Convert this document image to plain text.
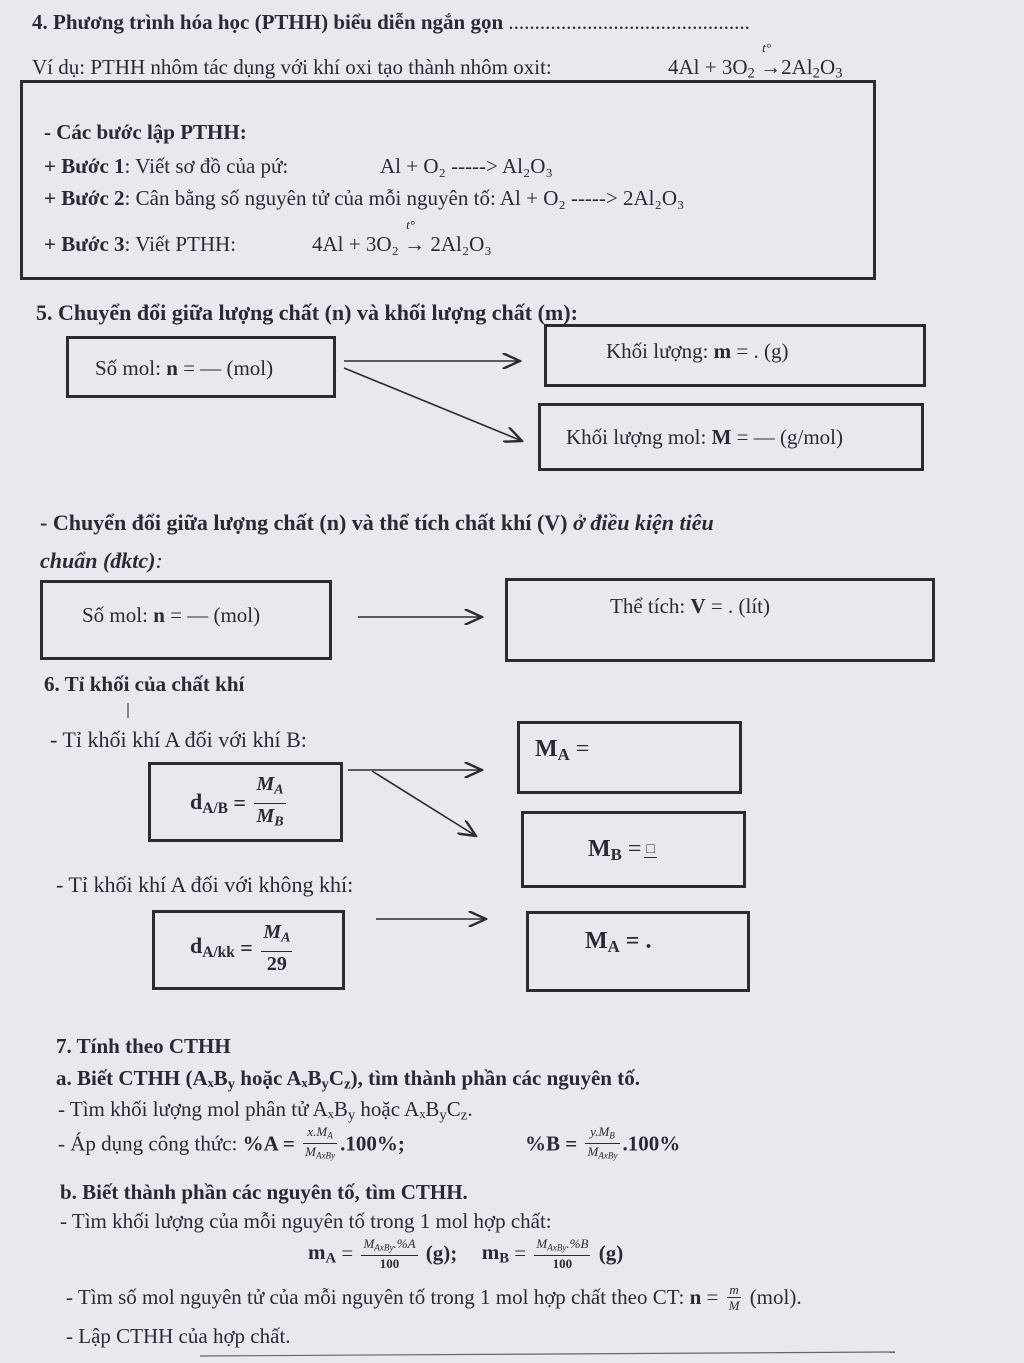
4. Phương trình hóa học (PTHH) biểu diễn ngắn gọn ..............................................
Ví dụ: PTHH nhôm tác dụng với khí oxi tạo thành nhôm oxit:	$4Al + 3O_2$
t°
$\to 2Al_2O_3$
- Các bước lập PTHH:
+ Bước 1: Viết sơ đồ của pứ:	Al + O₂ -----> Al₂O₃
+ Bước 2: Cân bằng số nguyên tử của mỗi nguyên tố: Al + O₂ -----> 2Al₂O₃
+ Bước 3: Viết PTHH:	4Al + 3O₂
t°
→ 2Al₂O₃
5. Chuyển đổi giữa lượng chất (n) và khối lượng chất (m):
Số mol: n = — (mol)
Khối lượng: m = . (g)
Khối lượng mol: M = — (g/mol)
- Chuyển đổi giữa lượng chất (n) và thể tích chất khí (V) ở điều kiện tiêu
chuẩn (đktc):
Số mol: n = — (mol)	Thể tích: V = . (lít)
6. Tỉ khối của chất khí
- Tỉ khối khí A đối với khí B:
$d_{A/B} = \frac{M_A}{M_B}$
$M_A$ =
$M_B$ = □
- Tỉ khối khí A đối với không khí:
$d_{A/kk} = \frac{M_A}{29}$	$M_A$ = .
7. Tính theo CTHH
a. Biết CTHH (AₓB$_y$ hoặc $A_xB_yC_z$), tìm thành phần các nguyên tố.
- Tìm khối lượng mol phân tử AₓB$_y$ hoặc $A_xB_yC_z$.
- Áp dụng công thức: $\%A = \frac{x.M_A}{M_{AxBy}} .100\%$;	$\%B = \frac{y.M_B}{M_{AxBy}} .100\%$
b. Biết thành phần các nguyên tố, tìm CTHH.
- Tìm khối lượng của mỗi nguyên tố trong 1 mol hợp chất:
$m_A = \frac{M_{AxBy}.\%A}{100} (g)$; $m_B = \frac{M_{AxBy}.\%B}{100} (g)$
- Tìm số mol nguyên tử của mỗi nguyên tố trong 1 mol hợp chất theo CT: $n = \frac{m}{M} (mol)$.
- Lập CTHH của hợp chất.
